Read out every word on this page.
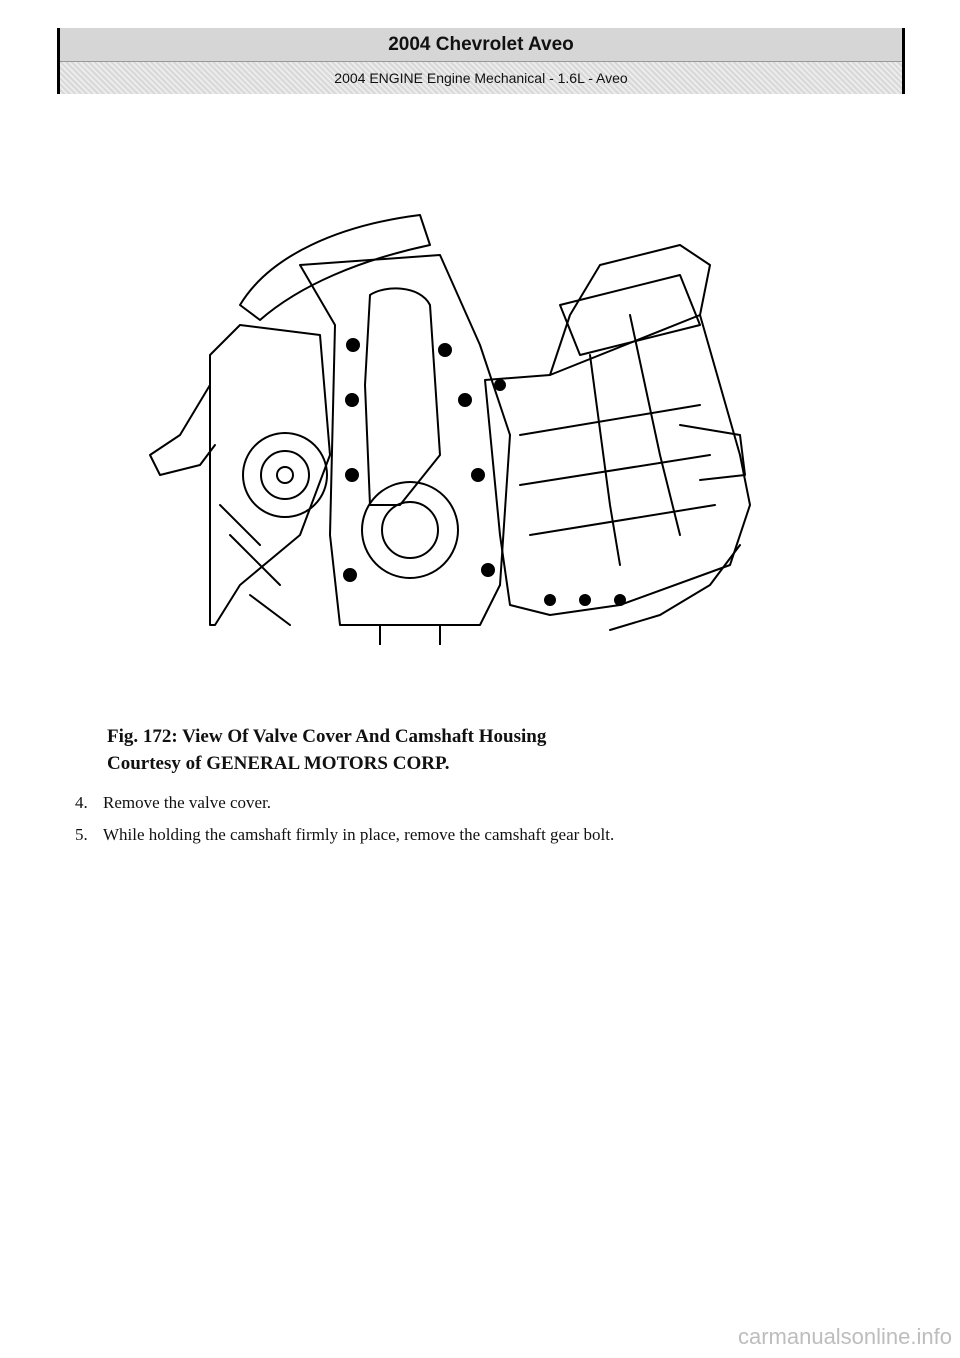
2004 Chevrolet Aveo
2004 ENGINE Engine Mechanical - 1.6L - Aveo
Fig. 172: View Of Valve Cover And Camshaft Housing
Courtesy of GENERAL MOTORS CORP.
4. Remove the valve cover.
5. While holding the camshaft firmly in place, remove the camshaft gear bolt.
carmanualsonline.info
